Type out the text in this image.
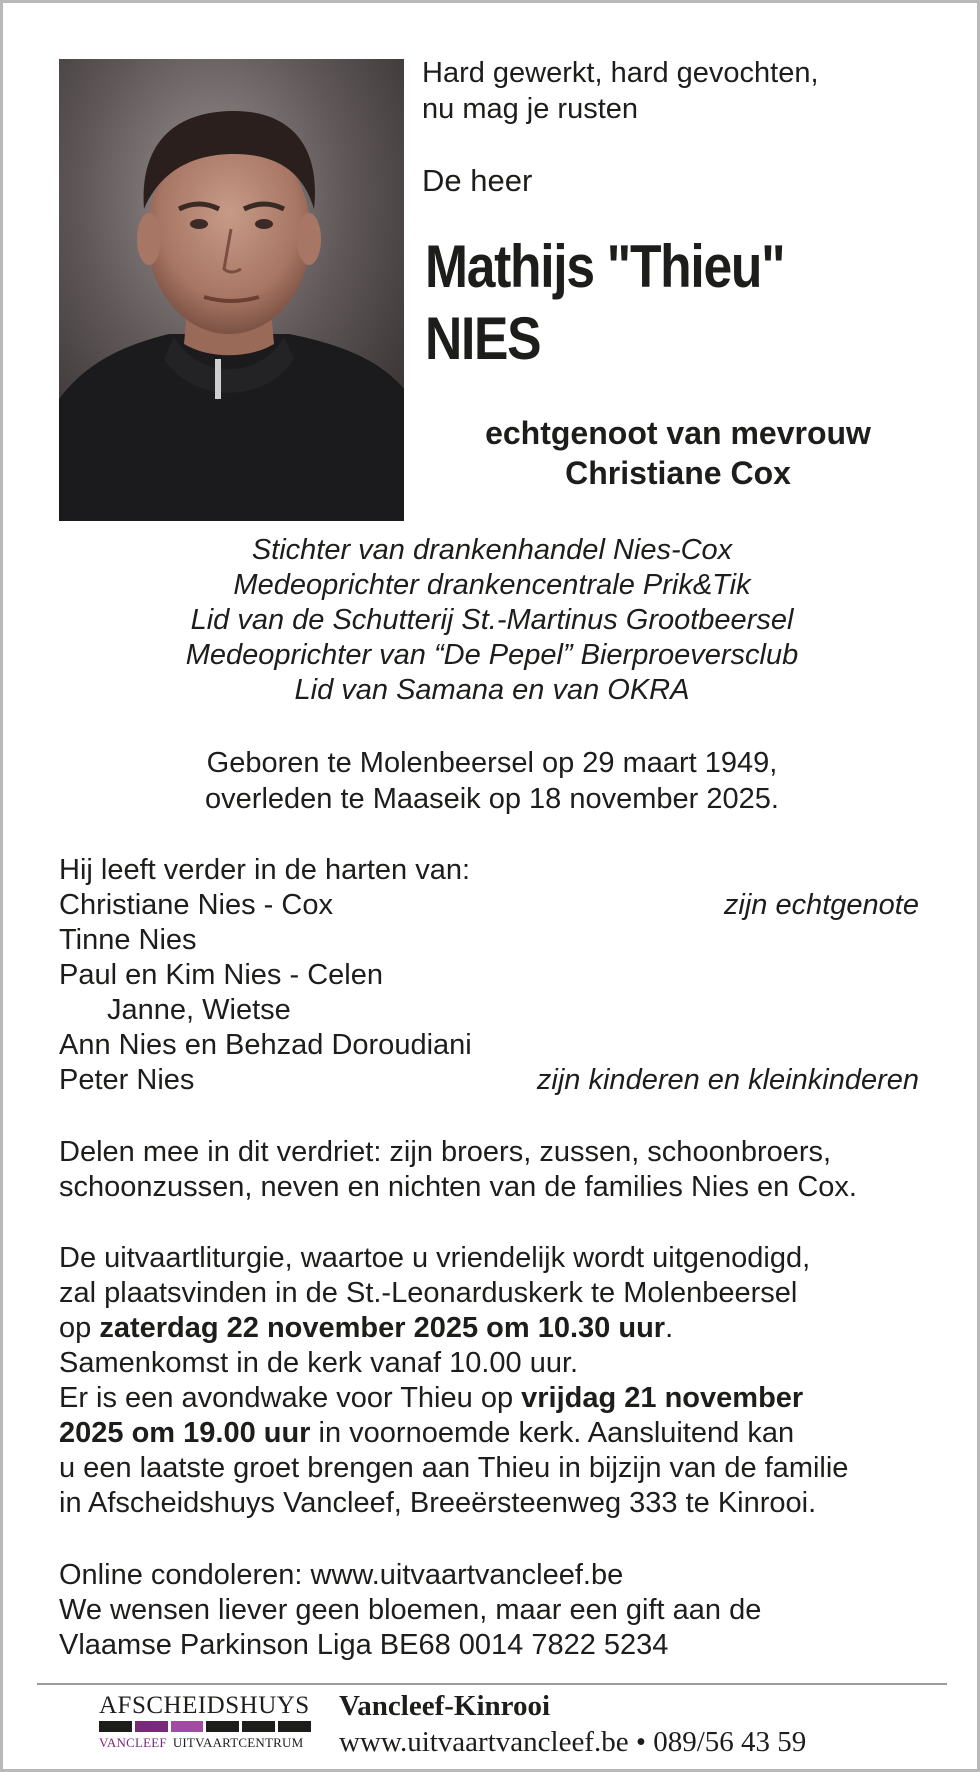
Hard gewerkt, hard gevochten,
nu mag je rusten
De heer
Mathijs "Thieu"
NIES
echtgenoot van mevrouw
Christiane Cox
Stichter van drankenhandel Nies-Cox
Medeoprichter drankencentrale Prik&Tik
Lid van de Schutterij St.-Martinus Grootbeersel
Medeoprichter van “De Pepel” Bierproeversclub
Lid van Samana en van OKRA
Geboren te Molenbeersel op 29 maart 1949,
overleden te Maaseik op 18 november 2025.
Hij leeft verder in de harten van:
Christiane Nies - Cox	zijn echtgenote
Tinne Nies
Paul en Kim Nies - Celen
Janne, Wietse
Ann Nies en Behzad Doroudiani
Peter Nies	zijn kinderen en kleinkinderen
Delen mee in dit verdriet: zijn broers, zussen, schoonbroers,
schoonzussen, neven en nichten van de families Nies en Cox.
De uitvaartliturgie, waartoe u vriendelijk wordt uitgenodigd,
zal plaatsvinden in de St.-Leonarduskerk te Molenbeersel
op zaterdag 22 november 2025 om 10.30 uur.
Samenkomst in de kerk vanaf 10.00 uur.
Er is een avondwake voor Thieu op vrijdag 21 november
2025 om 19.00 uur in voornoemde kerk. Aansluitend kan
u een laatste groet brengen aan Thieu in bijzijn van de familie
in Afscheidshuys Vancleef, Breeërsteenweg 333 te Kinrooi.
Online condoleren: www.uitvaartvancleef.be
We wensen liever geen bloemen, maar een gift aan de
Vlaamse Parkinson Liga BE68 0014 7822 5234
AFSCHEIDSHUYS
VANCLEEF UITVAARTCENTRUM
Vancleef-Kinrooi
www.uitvaartvancleef.be • 089/56 43 59
